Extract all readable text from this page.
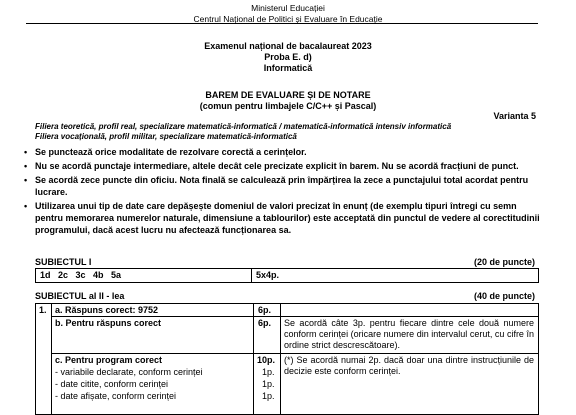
Ministerul Educației
Centrul Național de Politici și Evaluare în Educație
Examenul național de bacalaureat 2023
Proba E. d)
Informatică
BAREM DE EVALUARE ȘI DE NOTARE
(comun pentru limbajele C/C++ și Pascal)
Varianta 5
Filiera teoretică, profil real, specializare matematică-informatică / matematică-informatică intensiv informatică
Filiera vocațională, profil militar, specializare matematică-informatică
• Se punctează orice modalitate de rezolvare corectă a cerințelor.
• Nu se acordă punctaje intermediare, altele decât cele precizate explicit în barem. Nu se acordă fracțiuni de punct.
• Se acordă zece puncte din oficiu. Nota finală se calculează prin împărțirea la zece a punctajului total acordat pentru lucrare.
• Utilizarea unui tip de date care depășește domeniul de valori precizat în enunț (de exemplu tipuri întregi cu semn pentru memorarea numerelor naturale, dimensiune a tablourilor) este acceptată din punctul de vedere al corectitudinii programului, dacă acest lucru nu afectează funcționarea sa.
SUBIECTUL I	(20 de puncte)
1d   2c   3c   4b   5a	5x4p.
SUBIECTUL al II - lea	(40 de puncte)
1. a. Răspuns corect: 9752	6p.
b. Pentru răspuns corect	6p. Se acordă câte 3p. pentru fiecare dintre cele două numere conform cerinței (oricare numere din intervalul cerut, cu cifre în ordine strict descrescătoare).
c. Pentru program corect	10p. (*) Se acordă numai 2p. dacă doar una dintre instrucțiunile de decizie este conform cerinței.
- variabile declarate, conform cerinței	1p.
- date citite, conform cerinței	1p.
- date afișate, conform cerinței	1p.
